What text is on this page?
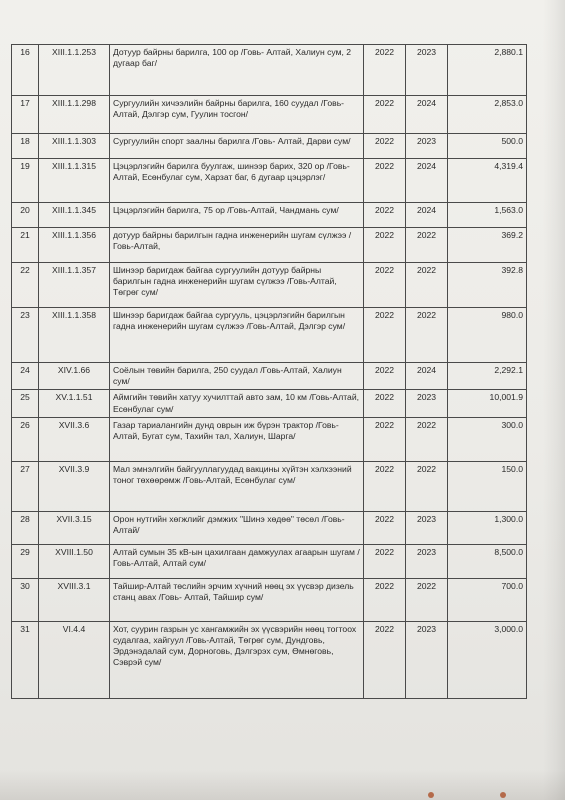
16	XIII.1.1.253	Дотуур байрны барилга, 100 ор /Говь- Алтай, Халиун сум, 2 дугаар баг/	2022	2023	2,880.1
17	XIII.1.1.298	Сургуулийн хичээлийн байрны барилга, 160 суудал /Говь-Алтай, Дэлгэр сум, Гуулин тосгон/	2022	2024	2,853.0
18	XIII.1.1.303	Сургуулийн спорт заалны барилга /Говь- Алтай, Дарви сум/	2022	2023	500.0
19	XIII.1.1.315	Цэцэрлэгийн барилга буулгаж, шинээр барих, 320 ор /Говь-Алтай, Есөнбулаг сум, Харзат баг, 6 дугаар цэцэрлэг/	2022	2024	4,319.4
20	XIII.1.1.345	Цэцэрлэгийн барилга, 75 ор /Говь-Алтай, Чандмань сум/	2022	2024	1,563.0
21	XIII.1.1.356	дотуур байрны барилгын гадна инженерийн шугам сүлжээ /Говь-Алтай,	2022	2022	369.2
22	XIII.1.1.357	Шинээр баригдаж байгаа сургуулийн дотуур байрны барилгын гадна инженерийн шугам сүлжээ /Говь-Алтай, Төгрөг сум/	2022	2022	392.8
23	XIII.1.1.358	Шинээр баригдаж байгаа сургууль, цэцэрлэгийн барилгын гадна инженерийн шугам сүлжээ /Говь-Алтай, Дэлгэр сум/	2022	2022	980.0
24	XIV.1.66	Соёлын төвийн барилга, 250 суудал /Говь-Алтай, Халиун сум/	2022	2024	2,292.1
25	XV.1.1.51	Аймгийн төвийн хатуу хучилттай авто зам, 10 км /Говь-Алтай, Есөнбулаг сум/	2022	2023	10,001.9
26	XVII.3.6	Газар тариалангийн дунд оврын иж бүрэн трактор /Говь-Алтай, Бугат сум, Тахийн тал, Халиун, Шарга/	2022	2022	300.0
27	XVII.3.9	Мал эмнэлгийн байгууллагуудад вакцины хүйтэн хэлхээний тоног төхөөрөмж /Говь-Алтай, Есөнбулаг сум/	2022	2022	150.0
28	XVII.3.15	Орон нутгийн хөгжлийг дэмжих "Шинэ хөдөө" төсөл /Говь-Алтай/	2022	2023	1,300.0
29	XVIII.1.50	Алтай сумын 35 кВ-ын цахилгаан дамжуулах агаарын шугам /Говь-Алтай, Алтай сум/	2022	2023	8,500.0
30	XVIII.3.1	Тайшир-Алтай төслийн эрчим хүчний нөөц эх үүсвэр дизель станц авах /Говь- Алтай, Тайшир сум/	2022	2022	700.0
31	VI.4.4	Хот, суурин газрын ус хангамжийн эх үүсвэрийн нөөц тогтоох судалгаа, хайгуул /Говь-Алтай, Төгрөг сум, Дундговь, Эрдэнэдалай сум, Дорноговь, Дэлгэрэх сум, Өмнөговь, Сэврэй сум/	2022	2023	3,000.0
